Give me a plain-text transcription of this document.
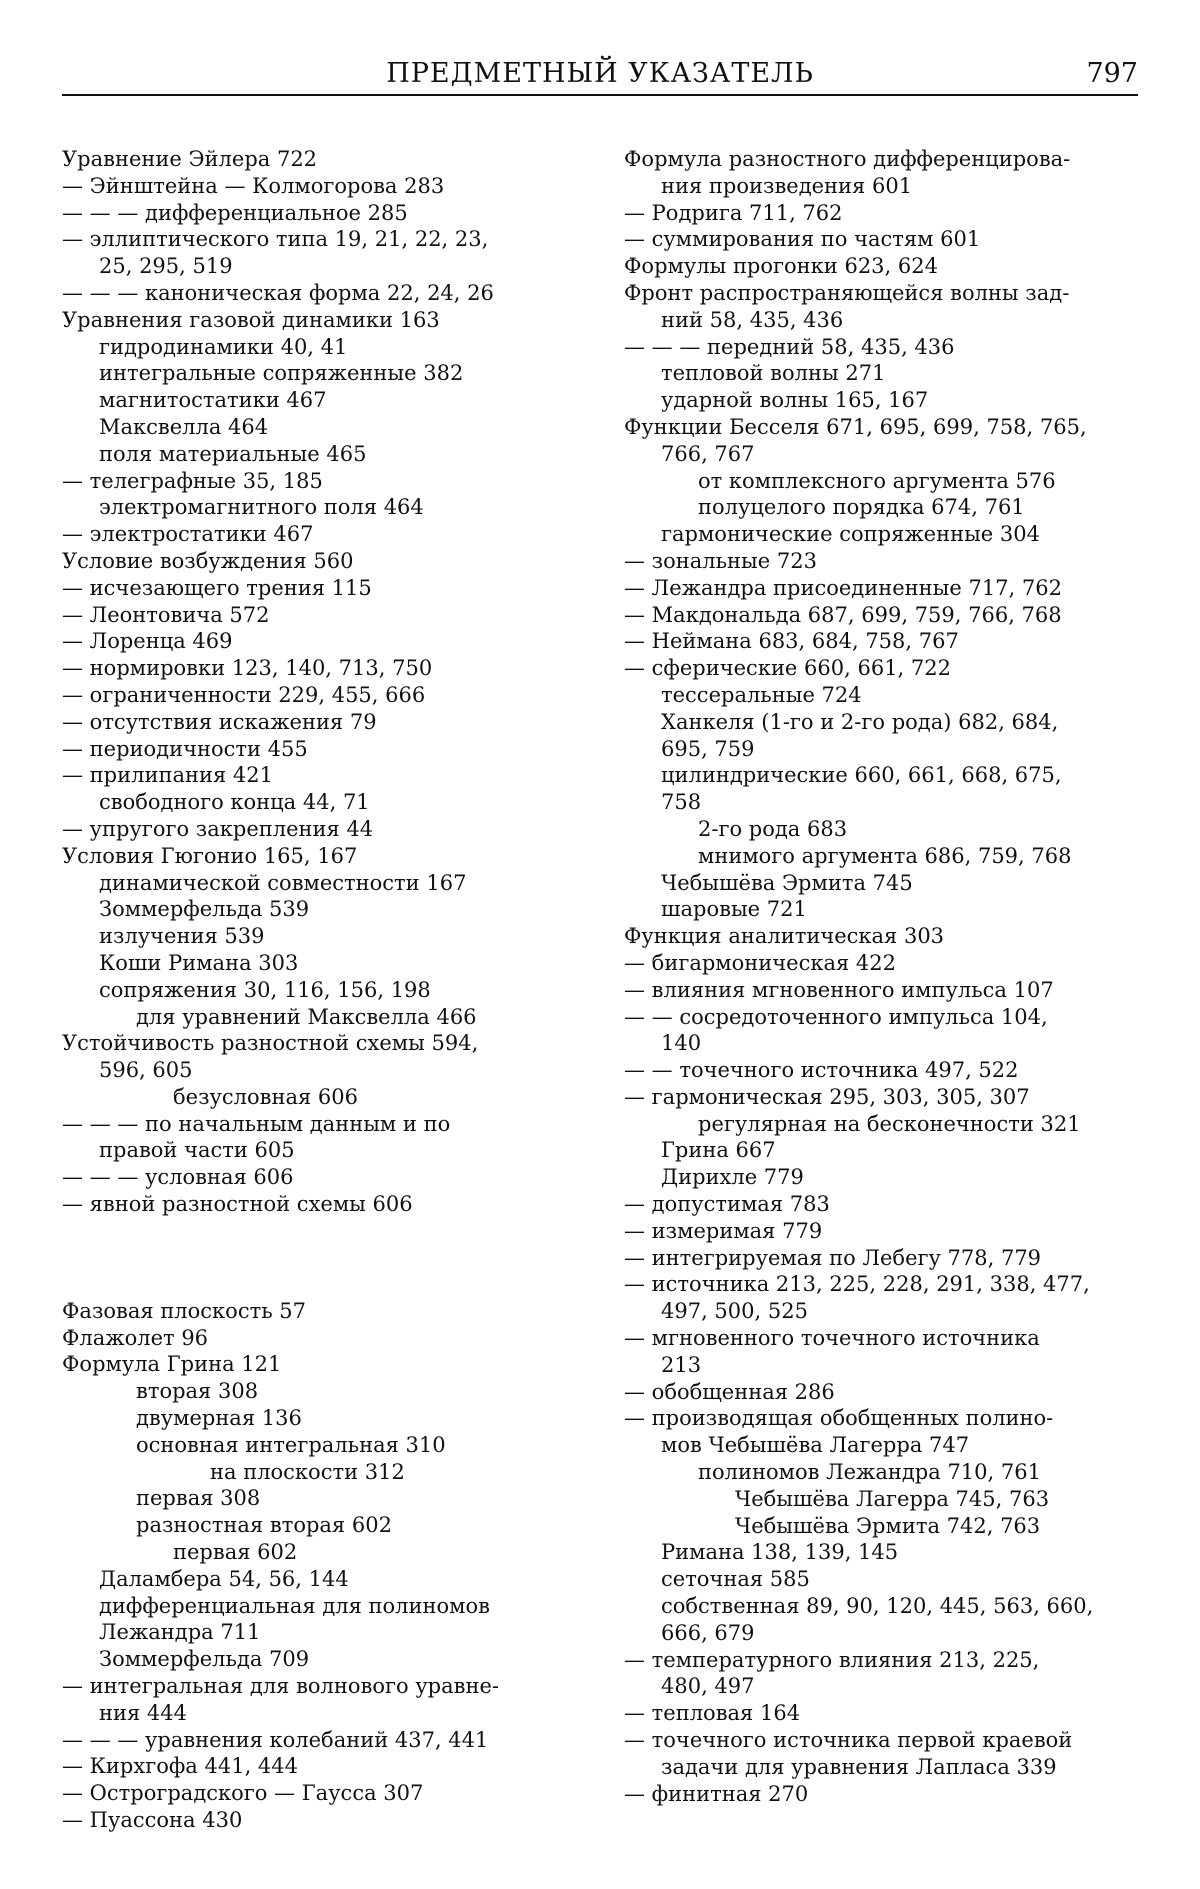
ПРЕДМЕТНЫЙ УКАЗАТЕЛЬ	797
Уравнение Эйлера 722
— Эйнштейна — Колмогорова 283
— — — дифференциальное 285
— эллиптического типа 19, 21, 22, 23,
25, 295, 519
— — — каноническая форма 22, 24, 26
Уравнения газовой динамики 163
гидродинамики 40, 41
интегральные сопряженные 382
магнитостатики 467
Максвелла 464
поля материальные 465
— телеграфные 35, 185
электромагнитного поля 464
— электростатики 467
Условие возбуждения 560
— исчезающего трения 115
— Леонтовича 572
— Лоренца 469
— нормировки 123, 140, 713, 750
— ограниченности 229, 455, 666
— отсутствия искажения 79
— периодичности 455
— прилипания 421
свободного конца 44, 71
— упругого закрепления 44
Условия Гюгонио 165, 167
динамической совместности 167
Зоммерфельда 539
излучения 539
Коши Римана 303
сопряжения 30, 116, 156, 198
для уравнений Максвелла 466
Устойчивость разностной схемы 594,
596, 605
безусловная 606
— — — по начальным данным и по
правой части 605
— — — условная 606
— явной разностной схемы 606
Фазовая плоскость 57
Флажолет 96
Формула Грина 121
вторая 308
двумерная 136
основная интегральная 310
на плоскости 312
первая 308
разностная вторая 602
первая 602
Даламбера 54, 56, 144
дифференциальная для полиномов
Лежандра 711
Зоммерфельда 709
— интегральная для волнового уравне-
ния 444
— — — уравнения колебаний 437, 441
— Кирхгофа 441, 444
— Остроградского — Гаусса 307
— Пуассона 430
Формула разностного дифференцирова-
ния произведения 601
— Родрига 711, 762
— суммирования по частям 601
Формулы прогонки 623, 624
Фронт распространяющейся волны зад-
ний 58, 435, 436
— — — передний 58, 435, 436
тепловой волны 271
ударной волны 165, 167
Функции Бесселя 671, 695, 699, 758, 765,
766, 767
от комплексного аргумента 576
полуцелого порядка 674, 761
гармонические сопряженные 304
— зональные 723
— Лежандра присоединенные 717, 762
— Макдональда 687, 699, 759, 766, 768
— Неймана 683, 684, 758, 767
— сферические 660, 661, 722
тессеральные 724
Ханкеля (1-го и 2-го рода) 682, 684,
695, 759
цилиндрические 660, 661, 668, 675,
758
2-го рода 683
мнимого аргумента 686, 759, 768
Чебышёва Эрмита 745
шаровые 721
Функция аналитическая 303
— бигармоническая 422
— влияния мгновенного импульса 107
— — сосредоточенного импульса 104,
140
— — точечного источника 497, 522
— гармоническая 295, 303, 305, 307
регулярная на бесконечности 321
Грина 667
Дирихле 779
— допустимая 783
— измеримая 779
— интегрируемая по Лебегу 778, 779
— источника 213, 225, 228, 291, 338, 477,
497, 500, 525
— мгновенного точечного источника
213
— обобщенная 286
— производящая обобщенных полино-
мов Чебышёва Лагерра 747
полиномов Лежандра 710, 761
Чебышёва Лагерра 745, 763
Чебышёва Эрмита 742, 763
Римана 138, 139, 145
сеточная 585
собственная 89, 90, 120, 445, 563, 660,
666, 679
— температурного влияния 213, 225,
480, 497
— тепловая 164
— точечного источника первой краевой
задачи для уравнения Лапласа 339
— финитная 270
